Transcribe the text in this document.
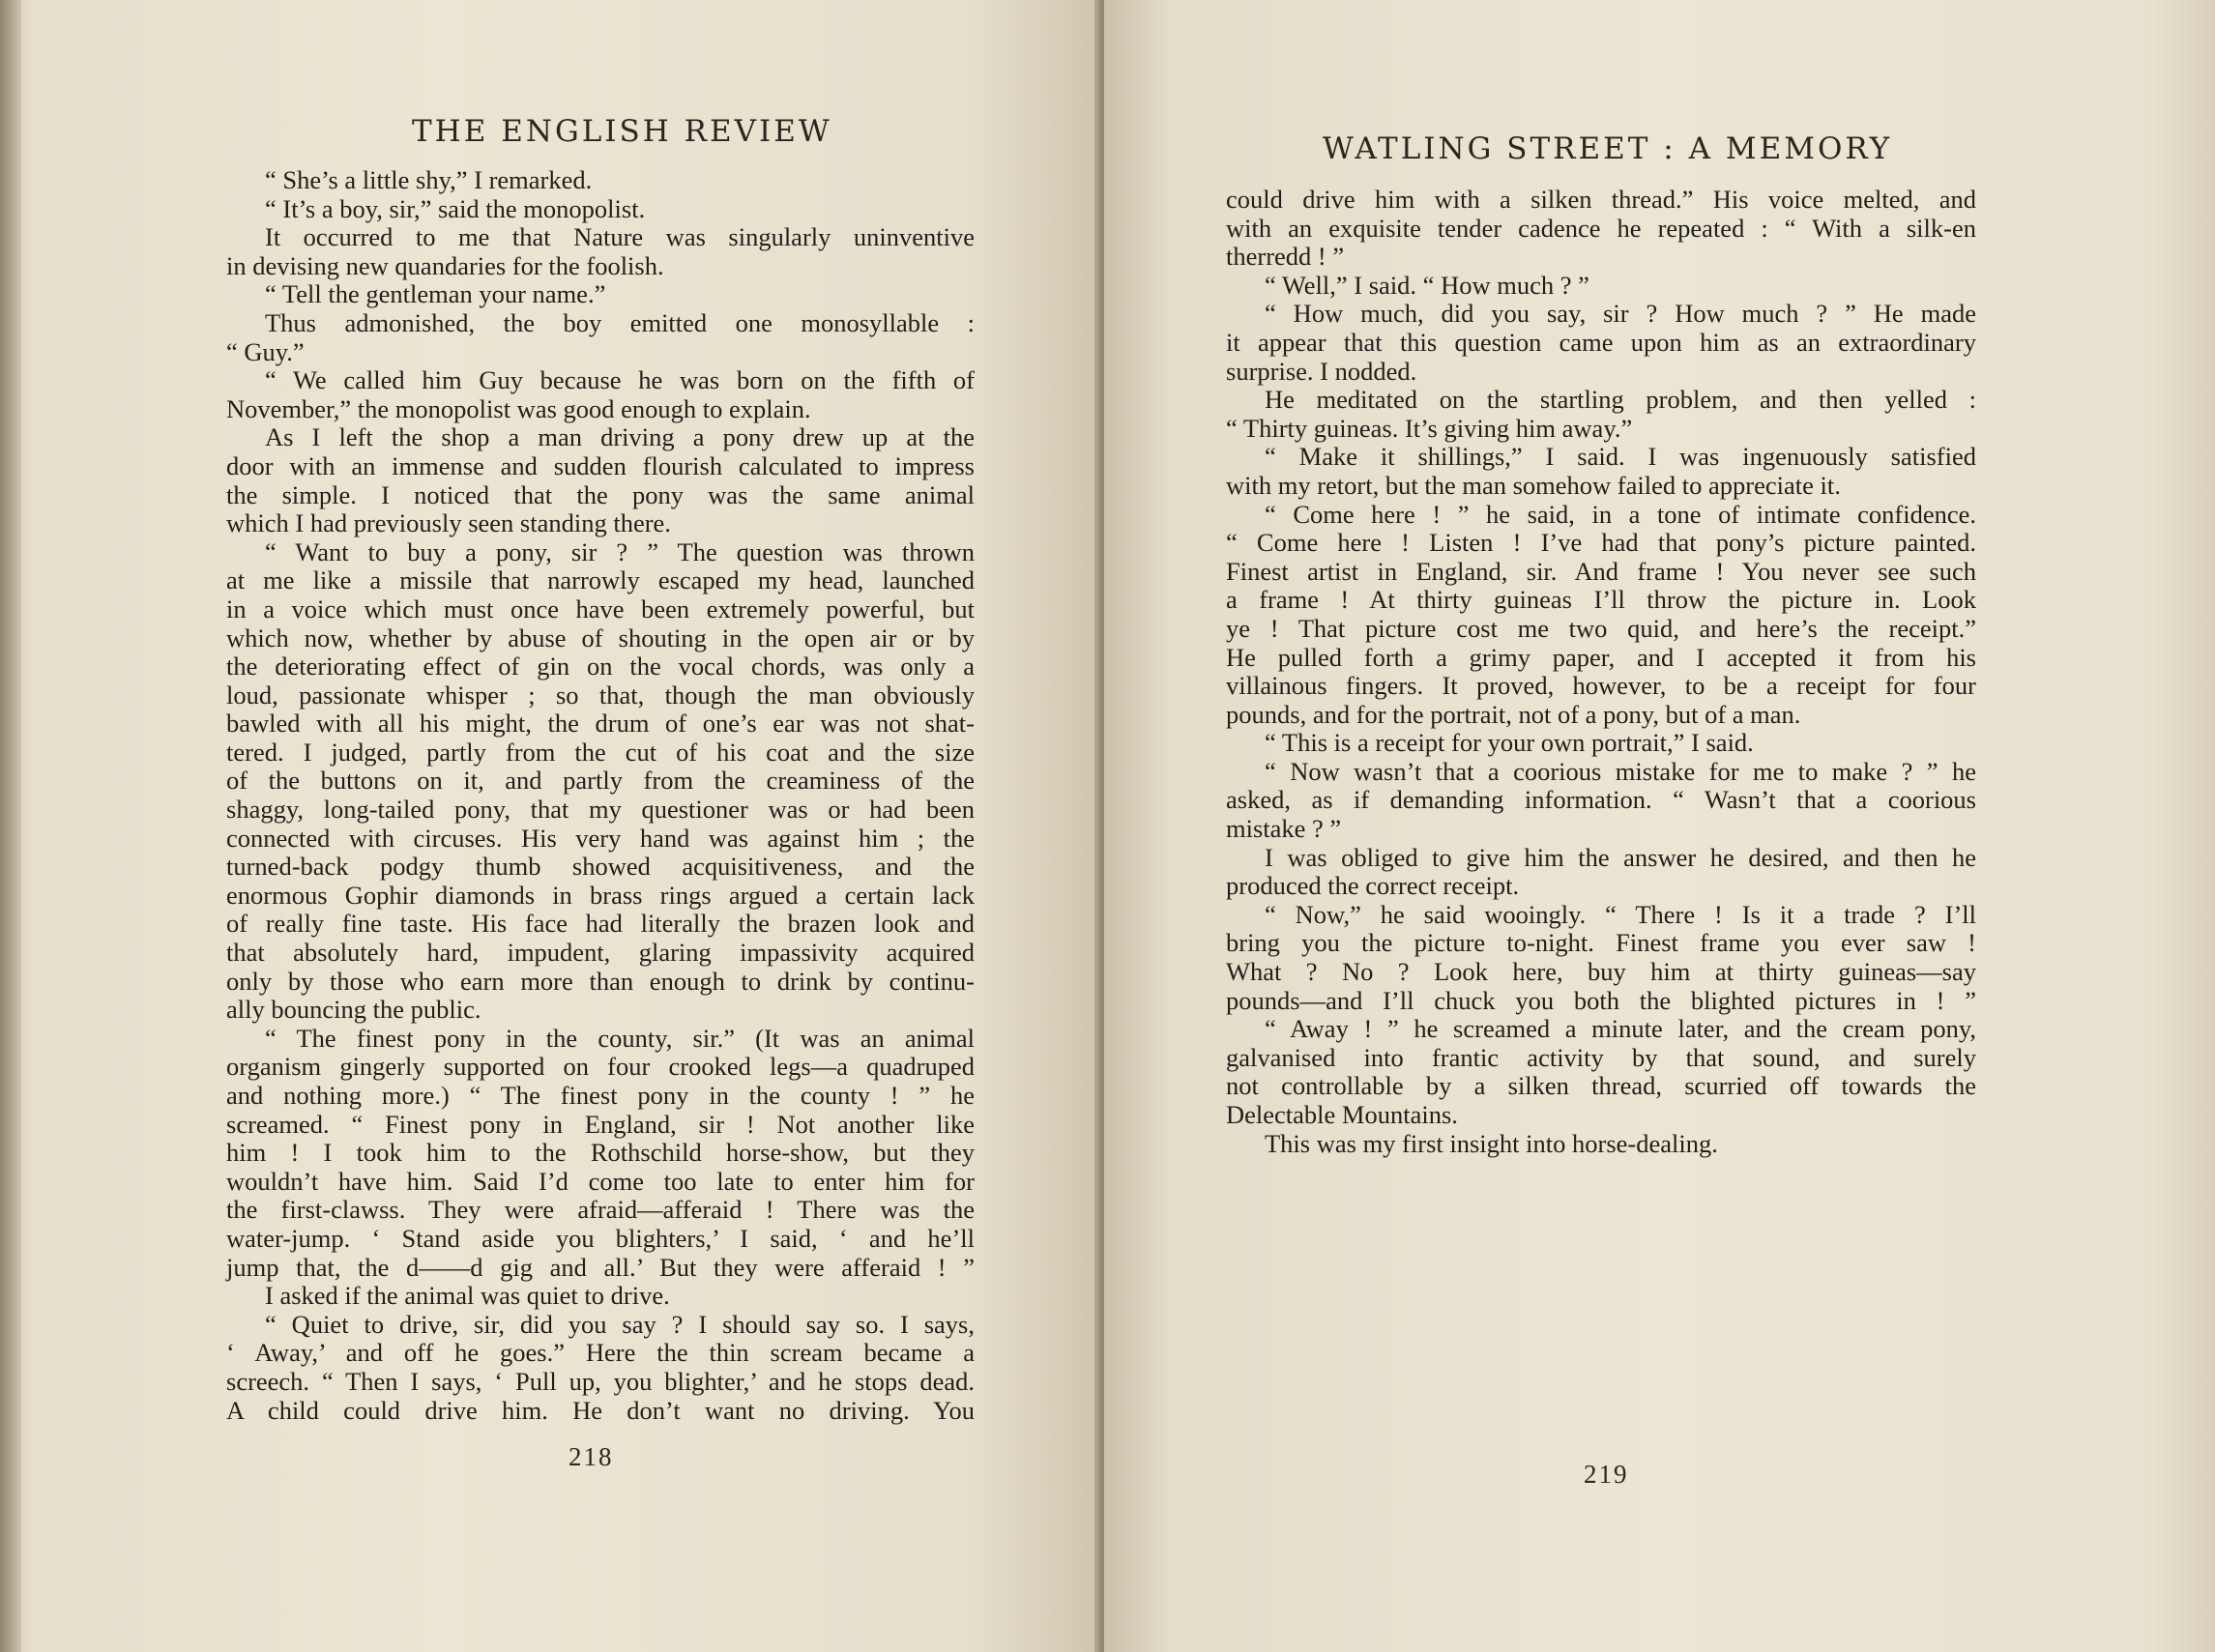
THE ENGLISH REVIEW
“ She’s a little shy,” I remarked.
“ It’s a boy, sir,” said the monopolist.
It occurred to me that Nature was singularly uninventive
in devising new quandaries for the foolish.
“ Tell the gentleman your name.”
Thus admonished, the boy emitted one monosyllable :
“ Guy.”
“ We called him Guy because he was born on the fifth of
November,” the monopolist was good enough to explain.
As I left the shop a man driving a pony drew up at the
door with an immense and sudden flourish calculated to impress
the simple. I noticed that the pony was the same animal
which I had previously seen standing there.
“ Want to buy a pony, sir ? ” The question was thrown
at me like a missile that narrowly escaped my head, launched
in a voice which must once have been extremely powerful, but
which now, whether by abuse of shouting in the open air or by
the deteriorating effect of gin on the vocal chords, was only a
loud, passionate whisper ; so that, though the man obviously
bawled with all his might, the drum of one’s ear was not shat-
tered. I judged, partly from the cut of his coat and the size
of the buttons on it, and partly from the creaminess of the
shaggy, long-tailed pony, that my questioner was or had been
connected with circuses. His very hand was against him ; the
turned-back podgy thumb showed acquisitiveness, and the
enormous Gophir diamonds in brass rings argued a certain lack
of really fine taste. His face had literally the brazen look and
that absolutely hard, impudent, glaring impassivity acquired
only by those who earn more than enough to drink by continu-
ally bouncing the public.
“ The finest pony in the county, sir.” (It was an animal
organism gingerly supported on four crooked legs—a quadruped
and nothing more.) “ The finest pony in the county ! ” he
screamed. “ Finest pony in England, sir ! Not another like
him ! I took him to the Rothschild horse-show, but they
wouldn’t have him. Said I’d come too late to enter him for
the first-clawss. They were afraid—afferaid ! There was the
water-jump. ‘ Stand aside you blighters,’ I said, ‘ and he’ll
jump that, the d——d gig and all.’ But they were afferaid ! ”
I asked if the animal was quiet to drive.
“ Quiet to drive, sir, did you say ? I should say so. I says,
‘ Away,’ and off he goes.” Here the thin scream became a
screech. “ Then I says, ‘ Pull up, you blighter,’ and he stops dead.
A child could drive him. He don’t want no driving. You
218
WATLING STREET : A MEMORY
could drive him with a silken thread.” His voice melted, and
with an exquisite tender cadence he repeated : “ With a silk-en
therredd ! ”
“ Well,” I said. “ How much ? ”
“ How much, did you say, sir ? How much ? ” He made
it appear that this question came upon him as an extraordinary
surprise. I nodded.
He meditated on the startling problem, and then yelled :
“ Thirty guineas. It’s giving him away.”
“ Make it shillings,” I said. I was ingenuously satisfied
with my retort, but the man somehow failed to appreciate it.
“ Come here ! ” he said, in a tone of intimate confidence.
“ Come here ! Listen ! I’ve had that pony’s picture painted.
Finest artist in England, sir. And frame ! You never see such
a frame ! At thirty guineas I’ll throw the picture in. Look
ye ! That picture cost me two quid, and here’s the receipt.”
He pulled forth a grimy paper, and I accepted it from his
villainous fingers. It proved, however, to be a receipt for four
pounds, and for the portrait, not of a pony, but of a man.
“ This is a receipt for your own portrait,” I said.
“ Now wasn’t that a coorious mistake for me to make ? ” he
asked, as if demanding information. “ Wasn’t that a coorious
mistake ? ”
I was obliged to give him the answer he desired, and then he
produced the correct receipt.
“ Now,” he said wooingly. “ There ! Is it a trade ? I’ll
bring you the picture to-night. Finest frame you ever saw !
What ? No ? Look here, buy him at thirty guineas—say
pounds—and I’ll chuck you both the blighted pictures in ! ”
“ Away ! ” he screamed a minute later, and the cream pony,
galvanised into frantic activity by that sound, and surely
not controllable by a silken thread, scurried off towards the
Delectable Mountains.
This was my first insight into horse-dealing.
219
